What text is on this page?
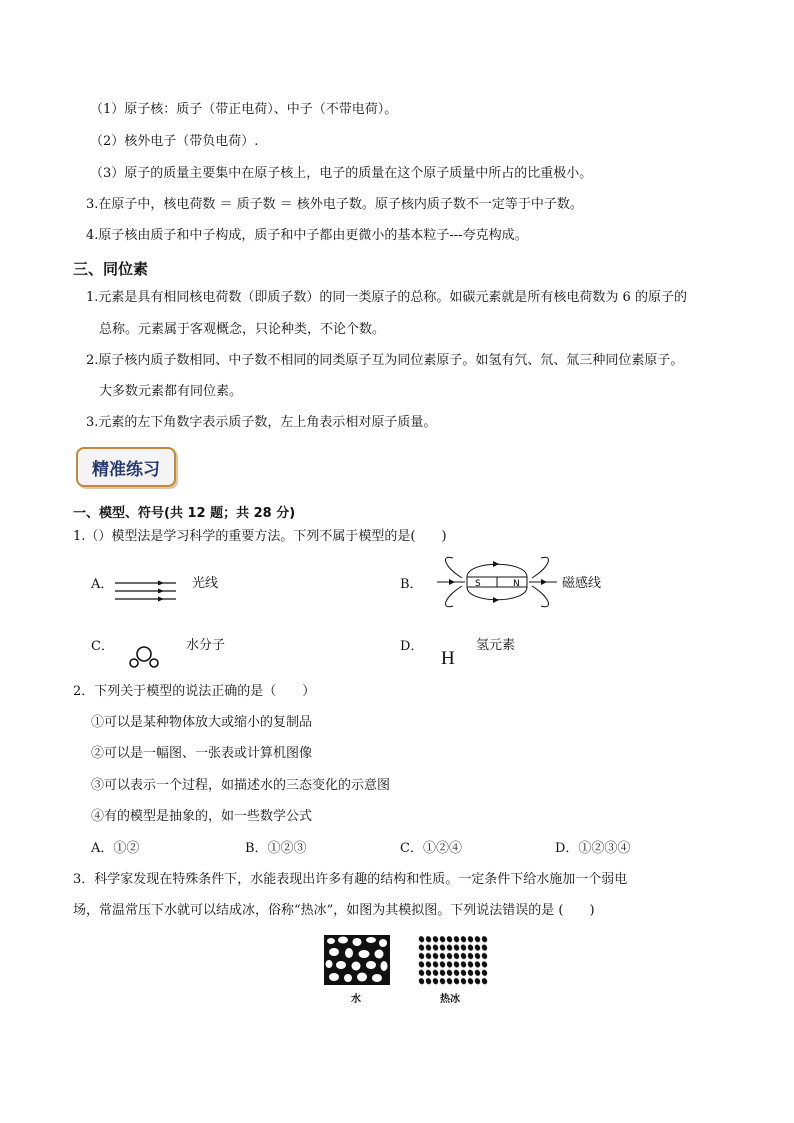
（1）原子核：质子（带正电荷）、中子（不带电荷）。
（2）核外电子（带负电荷）.
（3）原子的质量主要集中在原子核上，电子的质量在这个原子质量中所占的比重极小。
3.在原子中，核电荷数 ＝ 质子数 ＝ 核外电子数。原子核内质子数不一定等于中子数。
4.原子核由质子和中子构成，质子和中子都由更微小的基本粒子---夸克构成。
三、同位素
1.元素是具有相同核电荷数（即质子数）的同一类原子的总称。如碳元素就是所有核电荷数为 6 的原子的
总称。元素属于客观概念，只论种类，不论个数。
2.原子核内质子数相同、中子数不相同的同类原子互为同位素原子。如氢有氕、氘、氚三种同位素原子。
大多数元素都有同位素。
3.元素的左下角数字表示质子数，左上角表示相对原子质量。
精准练习
一、模型、符号(共 12 题；共 28 分)
1.（）模型法是学习科学的重要方法。下列不属于模型的是(　　)
A．	光线	B．	S	N	磁感线
C．	水分子	D．
H
氢元素
2．下列关于模型的说法正确的是（　　）
①可以是某种物体放大或缩小的复制品
②可以是一幅图、一张表或计算机图像
③可以表示一个过程，如描述水的三态变化的示意图
④有的模型是抽象的，如一些数学公式
A．①②	B．①②③	C．①②④	D．①②③④
3．科学家发现在特殊条件下，水能表现出许多有趣的结构和性质。一定条件下给水施加一个弱电
场，常温常压下水就可以结成冰，俗称“热冰”，如图为其模拟图。下列说法错误的是 (　　)
水	热冰
